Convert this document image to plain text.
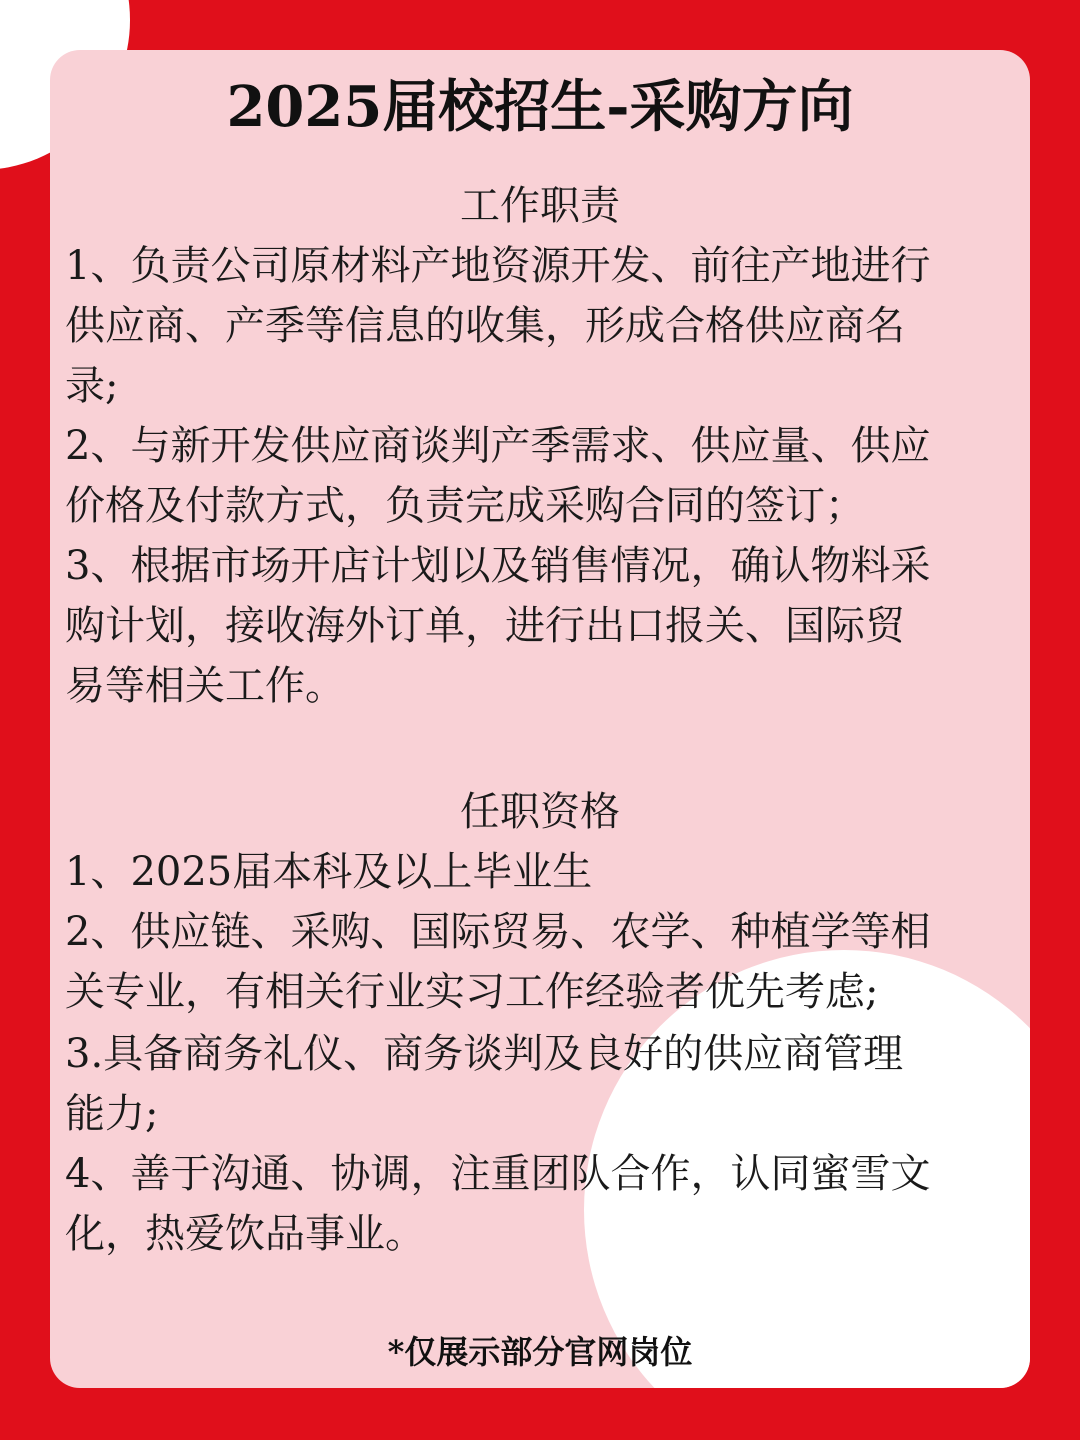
2025届校招生-采购方向
工作职责
1、负责公司原材料产地资源开发、前往产地进行
供应商、产季等信息的收集，形成合格供应商名
录;
2、与新开发供应商谈判产季需求、供应量、供应
价格及付款方式，负责完成采购合同的签订；
3、根据市场开店计划以及销售情况，确认物料采
购计划，接收海外订单，进行出口报关、国际贸
易等相关工作。
任职资格
1、2025届本科及以上毕业生
2、供应链、采购、国际贸易、农学、种植学等相
关专业，有相关行业实习工作经验者优先考虑;
3.具备商务礼仪、商务谈判及良好的供应商管理
能力;
4、善于沟通、协调，注重团队合作，认同蜜雪文
化，热爱饮品事业。
*仅展示部分官网岗位
